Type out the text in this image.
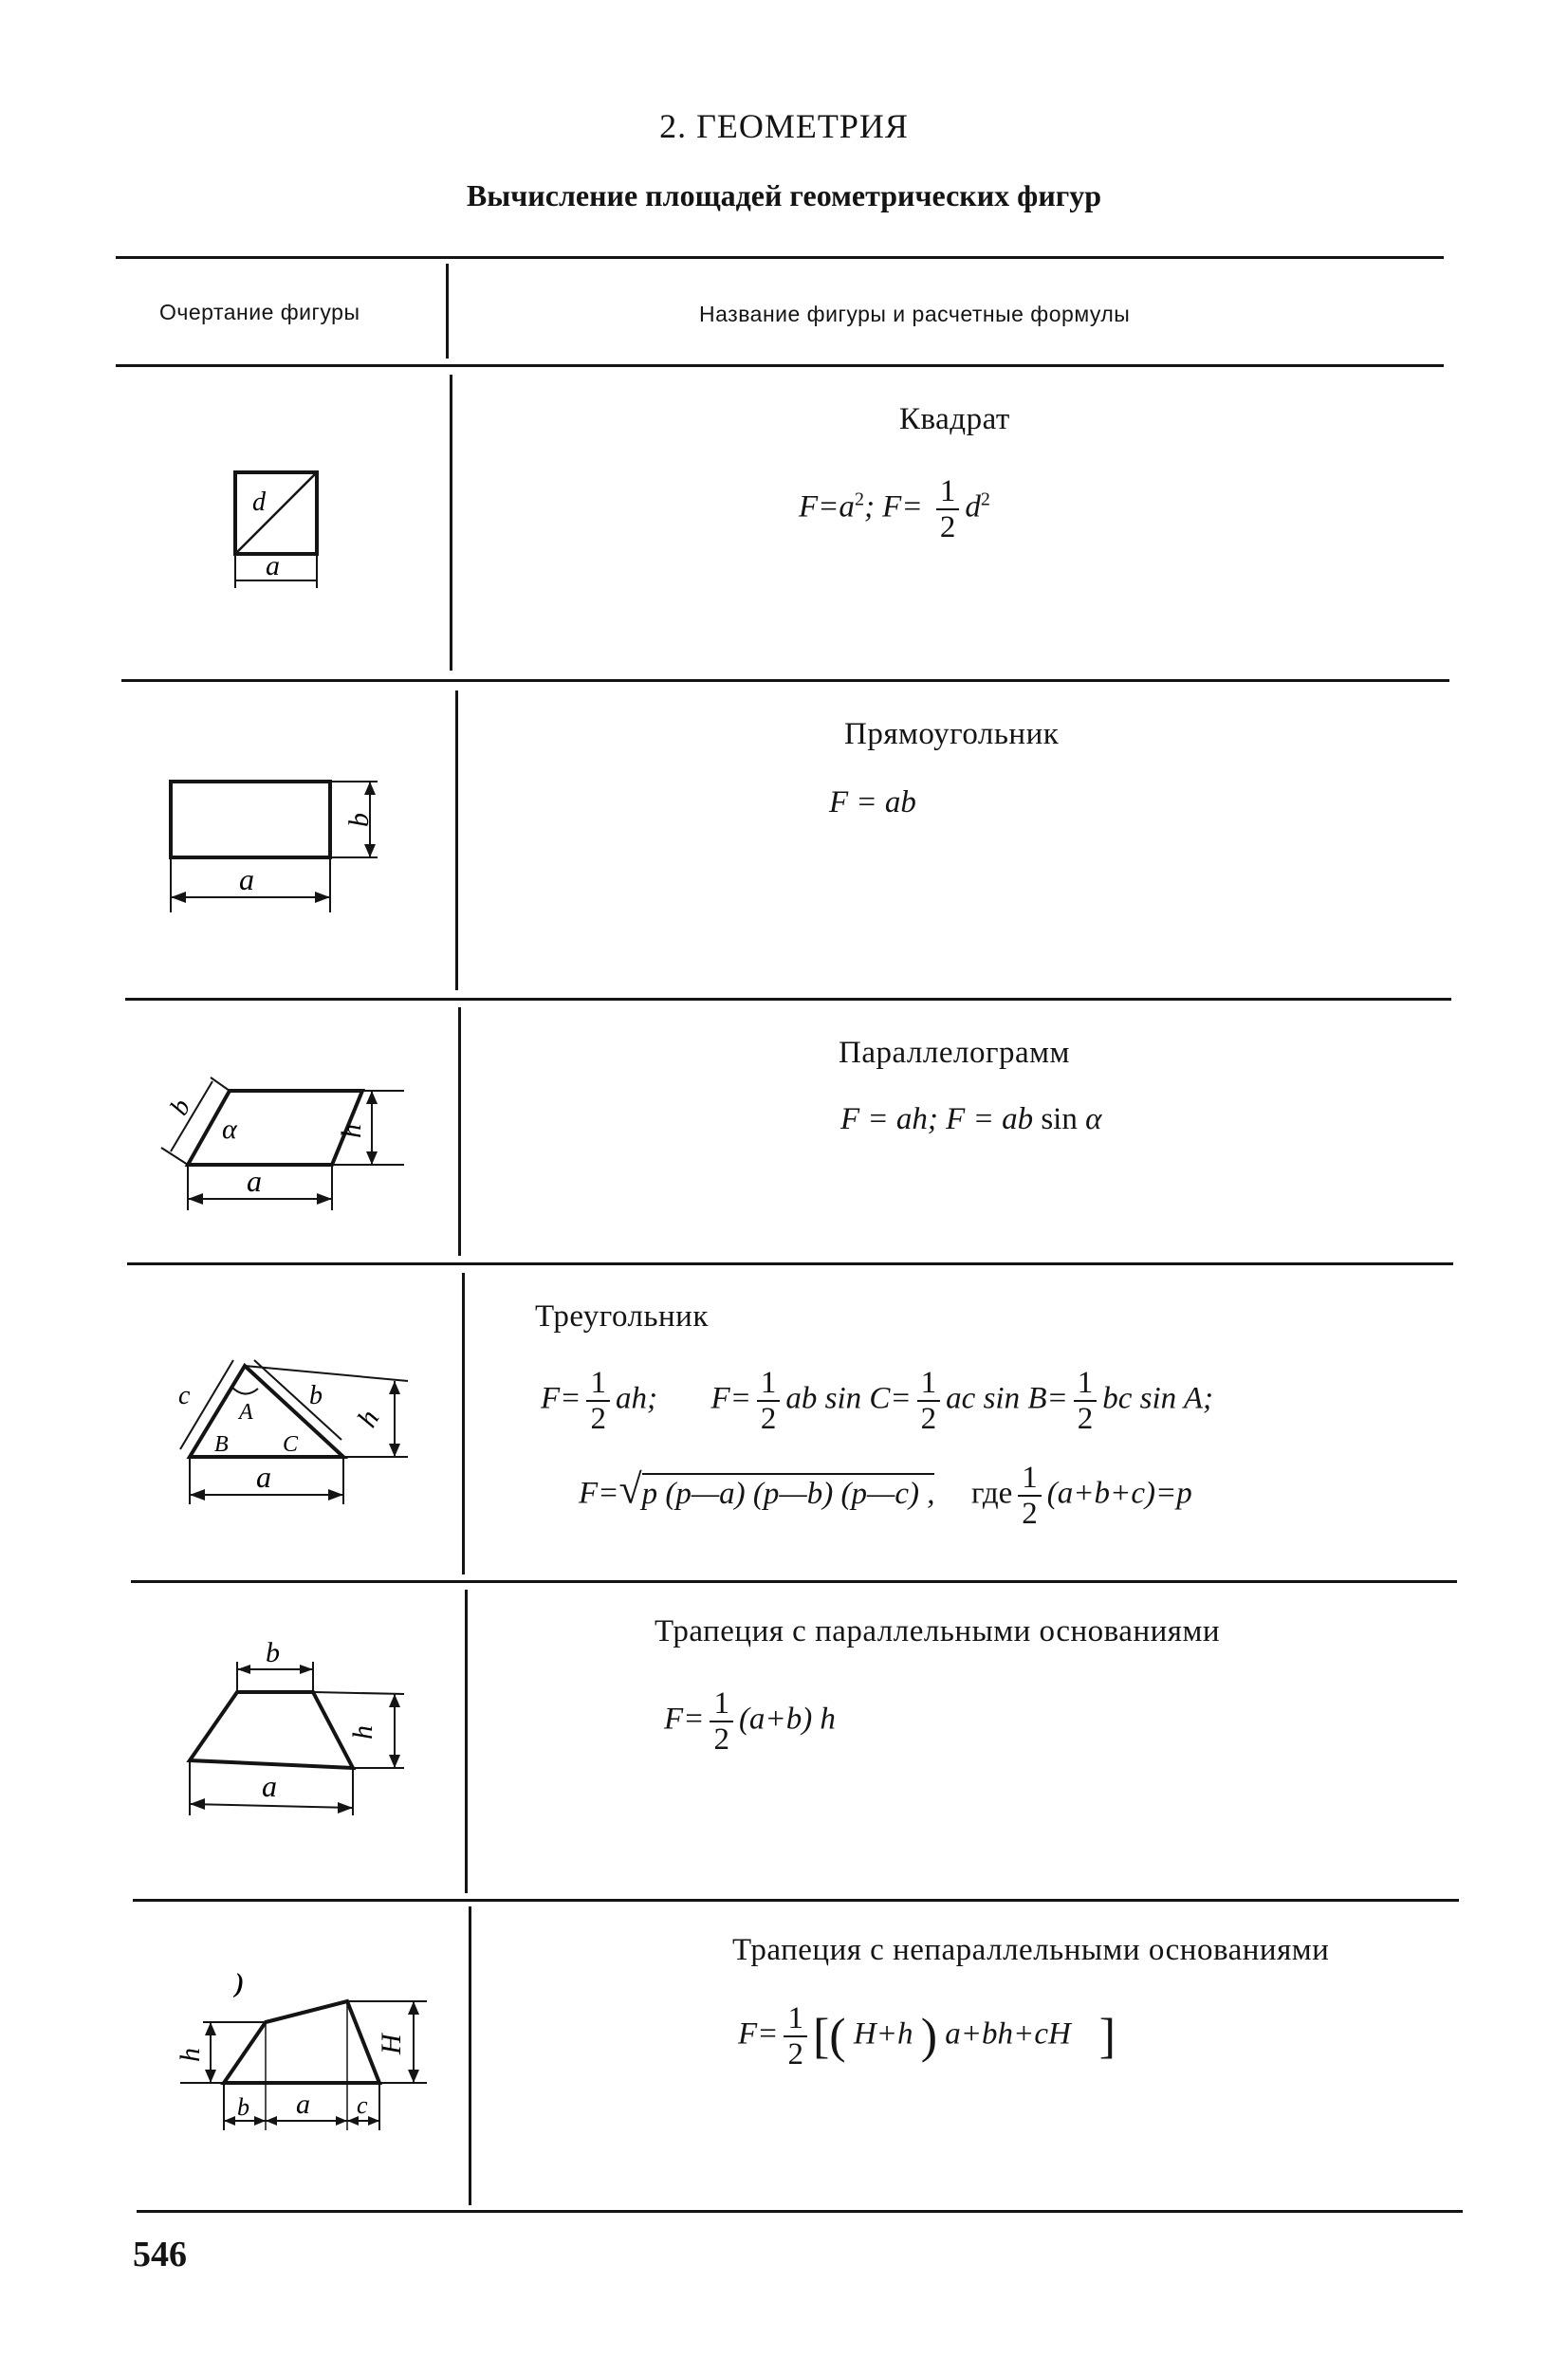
2. ГЕОМЕТРИЯ
Вычисление площадей геометрических фигур
Очертание фигуры	Название фигуры и расчетные формулы
Квадрат
$F=a^2$; $F= \frac{1}{2} d^2$
d
a
Прямоугольник
F = ab
b
a
Параллелограмм
F = ah; F = ab sin α
b
α	h
a
Треугольник
$F= \frac{1}{2}$ ah; $F= \frac{1}{2}$ ab $\sin C= \frac{1}{2}$ ac $\sin B= \frac{1}{2}$ bc sin A;
F=√p (p—a) (p—b) (p—c) , где $\frac{1}{2} (a+b+c)=p$
c
A
b
h
B C
a
Трапеция с параллельными основаниями
$F= \frac{1}{2} (a+b)$ h
b
h
a
Трапеция с непараллельными основаниями
$F= \frac{1}{2}$ [( H+h ) a+bh+cH ]
)
h
H
b a c
546
